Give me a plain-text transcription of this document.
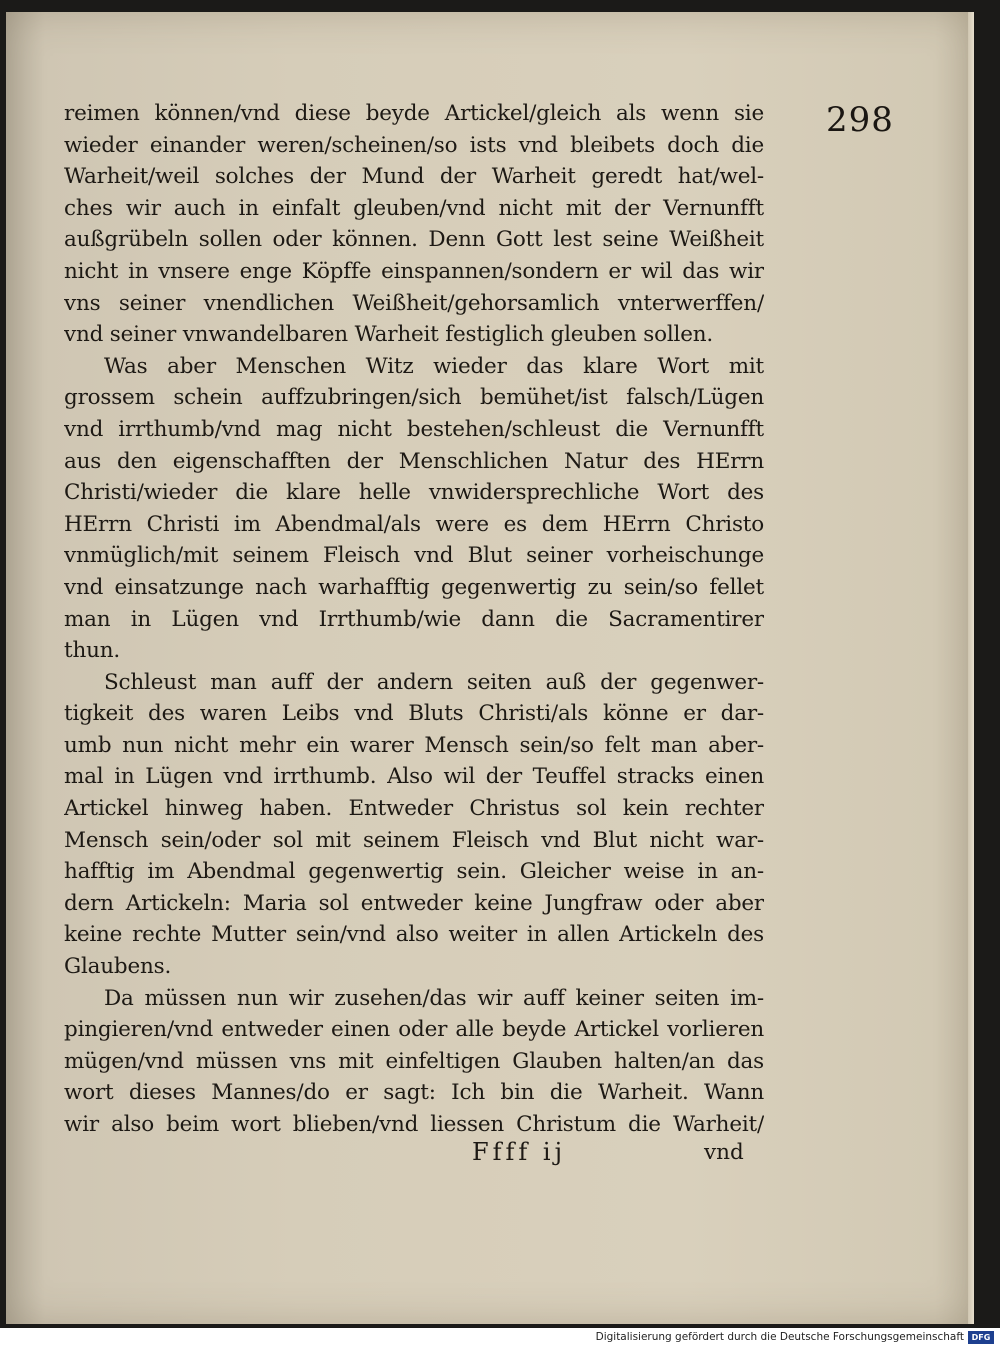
298
reimen können/vnd diese beyde Artickel/gleich als wenn sie
wieder einander weren/scheinen/so ists vnd bleibets doch die
Warheit/weil solches der Mund der Warheit geredt hat/wel-
ches wir auch in einfalt gleuben/vnd nicht mit der Vernunfft
außgrübeln sollen oder können. Denn Gott lest seine Weißheit
nicht in vnsere enge Köpffe einspannen/sondern er wil das wir
vns seiner vnendlichen Weißheit/gehorsamlich vnterwerffen/
vnd seiner vnwandelbaren Warheit festiglich gleuben sollen.
Was aber Menschen Witz wieder das klare Wort mit
grossem schein auffzubringen/sich bemühet/ist falsch/Lügen
vnd irrthumb/vnd mag nicht bestehen/schleust die Vernunfft
aus den eigenschafften der Menschlichen Natur des HErrn
Christi/wieder die klare helle vnwidersprechliche Wort des
HErrn Christi im Abendmal/als were es dem HErrn Christo
vnmüglich/mit seinem Fleisch vnd Blut seiner vorheischunge
vnd einsatzunge nach warhafftig gegenwertig zu sein/so fellet
man in Lügen vnd Irrthumb/wie dann die Sacramentirer
thun.
Schleust man auff der andern seiten auß der gegenwer-
tigkeit des waren Leibs vnd Bluts Christi/als könne er dar-
umb nun nicht mehr ein warer Mensch sein/so felt man aber-
mal in Lügen vnd irrthumb. Also wil der Teuffel stracks einen
Artickel hinweg haben. Entweder Christus sol kein rechter
Mensch sein/oder sol mit seinem Fleisch vnd Blut nicht war-
hafftig im Abendmal gegenwertig sein. Gleicher weise in an-
dern Artickeln: Maria sol entweder keine Jungfraw oder aber
keine rechte Mutter sein/vnd also weiter in allen Artickeln des
Glaubens.
Da müssen nun wir zusehen/das wir auff keiner seiten im-
pingieren/vnd entweder einen oder alle beyde Artickel vorlieren
mügen/vnd müssen vns mit einfeltigen Glauben halten/an das
wort dieses Mannes/do er sagt: Ich bin die Warheit. Wann
wir also beim wort blieben/vnd liessen Christum die Warheit/
Ffff ij	vnd
Digitalisierung gefördert durch die Deutsche Forschungsgemeinschaft DFG
